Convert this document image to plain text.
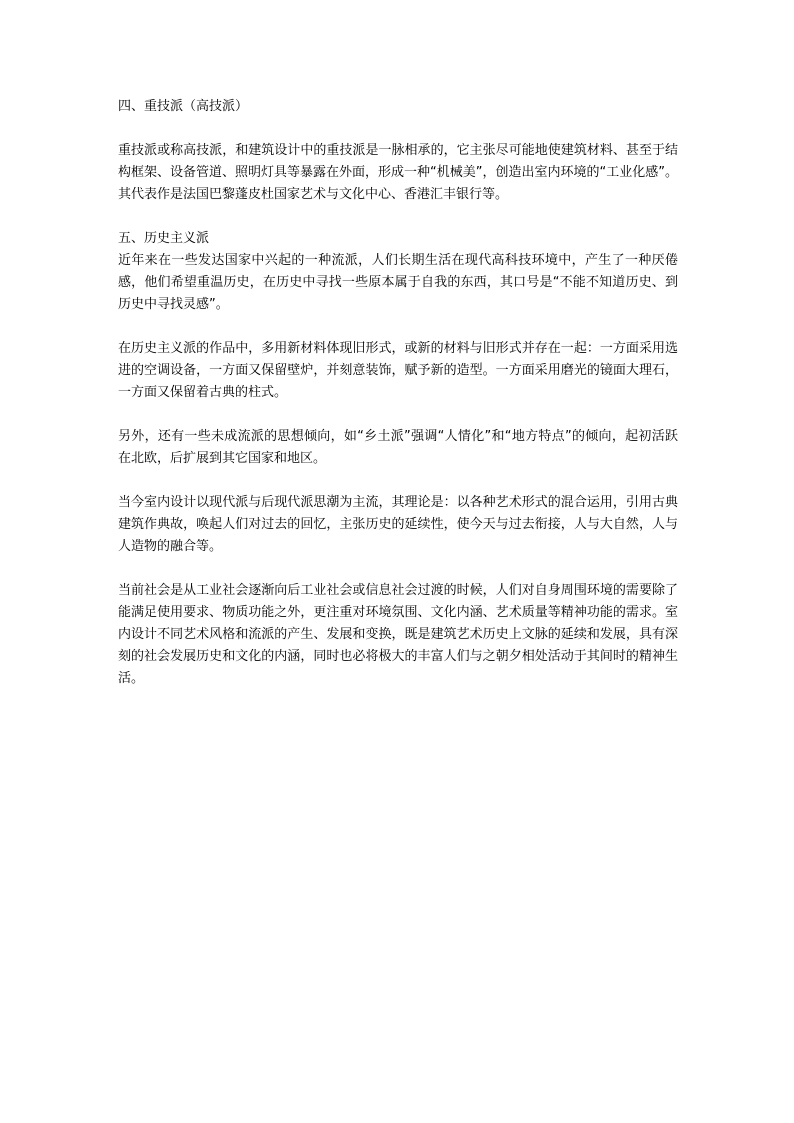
四、重技派（高技派）

重技派或称高技派，和建筑设计中的重技派是一脉相承的，它主张尽可能地使建筑材料、甚至于结构框架、设备管道、照明灯具等暴露在外面，形成一种“机械美”，创造出室内环境的“工业化感”。其代表作是法国巴黎蓬皮杜国家艺术与文化中心、香港汇丰银行等。

五、历史主义派

近年来在一些发达国家中兴起的一种流派，人们长期生活在现代高科技环境中，产生了一种厌倦感，他们希望重温历史，在历史中寻找一些原本属于自我的东西，其口号是“不能不知道历史、到历史中寻找灵感”。

在历史主义派的作品中，多用新材料体现旧形式，或新的材料与旧形式并存在一起：一方面采用选进的空调设备，一方面又保留壁炉，并刻意装饰，赋予新的造型。一方面采用磨光的镜面大理石，一方面又保留着古典的柱式。

另外，还有一些未成流派的思想倾向，如“乡土派”强调“人情化”和“地方特点”的倾向，起初活跃在北欧，后扩展到其它国家和地区。

当今室内设计以现代派与后现代派思潮为主流，其理论是：以各种艺术形式的混合运用，引用古典建筑作典故，唤起人们对过去的回忆，主张历史的延续性，使今天与过去衔接，人与大自然，人与人造物的融合等。

当前社会是从工业社会逐渐向后工业社会或信息社会过渡的时候，人们对自身周围环境的需要除了能满足使用要求、物质功能之外，更注重对环境氛围、文化内涵、艺术质量等精神功能的需求。室内设计不同艺术风格和流派的产生、发展和变换，既是建筑艺术历史上文脉的延续和发展，具有深刻的社会发展历史和文化的内涵，同时也必将极大的丰富人们与之朝夕相处活动于其间时的精神生活。
